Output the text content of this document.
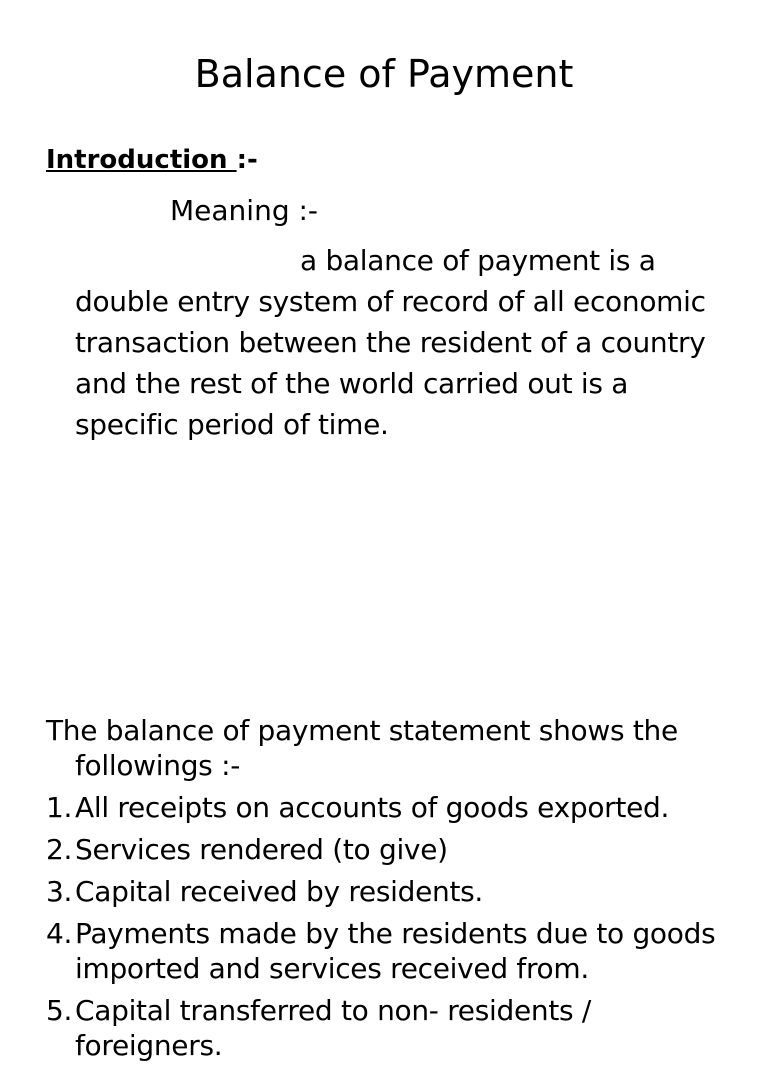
Balance of Payment
Introduction :-
Meaning :-

a balance of payment is a double entry system of record of all economic transaction between the resident of a country and the rest of the world carried out is a specific period of time.

The balance of payment statement shows the followings :-

1. All receipts on accounts of goods exported.
2. Services rendered (to give)
3. Capital received by residents.
4. Payments made by the residents due to goods imported and services received from.
5. Capital transferred to non- residents / foreigners.
